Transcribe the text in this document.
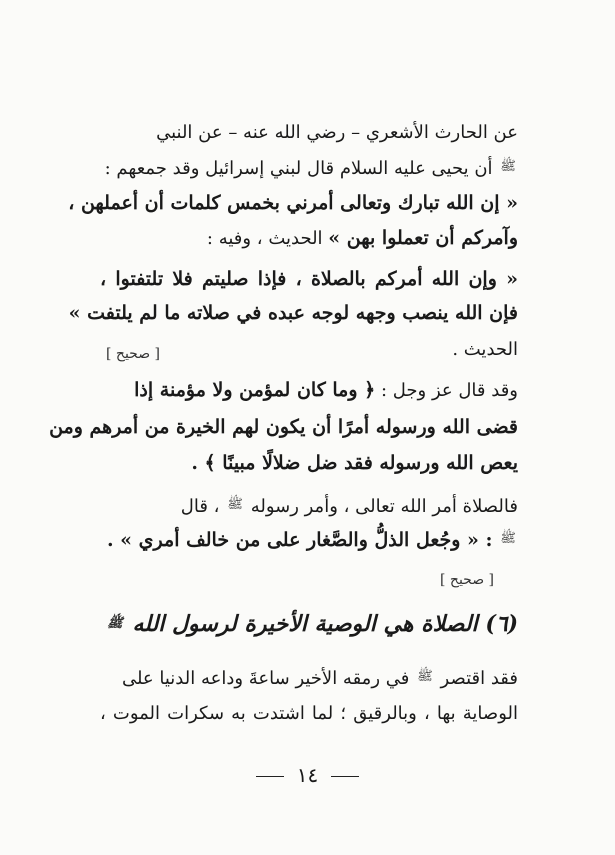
عن الحارث الأشعري – رضي الله عنه – عن النبي
$^ﷺ$ أن يحيى عليه السلام قال لبني إسرائيل وقد جمعهم :
« إن الله تبارك وتعالى أمرني بخمس كلمات أن أعملهن ،
وآمركم أن تعملوا بهن » الحديث ، وفيه :
« وإن الله أمركم بالصلاة ، فإذا صليتم فلا تلتفتوا ،
فإن الله ينصب وجهه لوجه عبده في صلاته ما لم يلتفت »
الحديث .
[ صحيح ]
وقد قال عز وجل : ﴿ وما كان لمؤمن ولا مؤمنة إذا
قضى الله ورسوله أمرًا أن يكون لهم الخيرة من أمرهم ومن
يعص الله ورسوله فقد ضل ضلالًا مبينًا ﴾ .
فالصلاة أمر الله تعالى ، وأمر رسوله $^ﷺ$ ، قال
$^ﷺ$ : « وجُعل الذلُّ والصَّغار على من خالف أمري » .
[ صحيح ]
(٦) الصلاة هي الوصية الأخيرة لرسول الله ﷺ
فقد اقتصر $^ﷺ$ في رمقه الأخير ساعةَ وداعه الدنيا على
الوصاية بها ، وبالرقيق ؛ لما اشتدت به سكرات الموت ،
١٤
